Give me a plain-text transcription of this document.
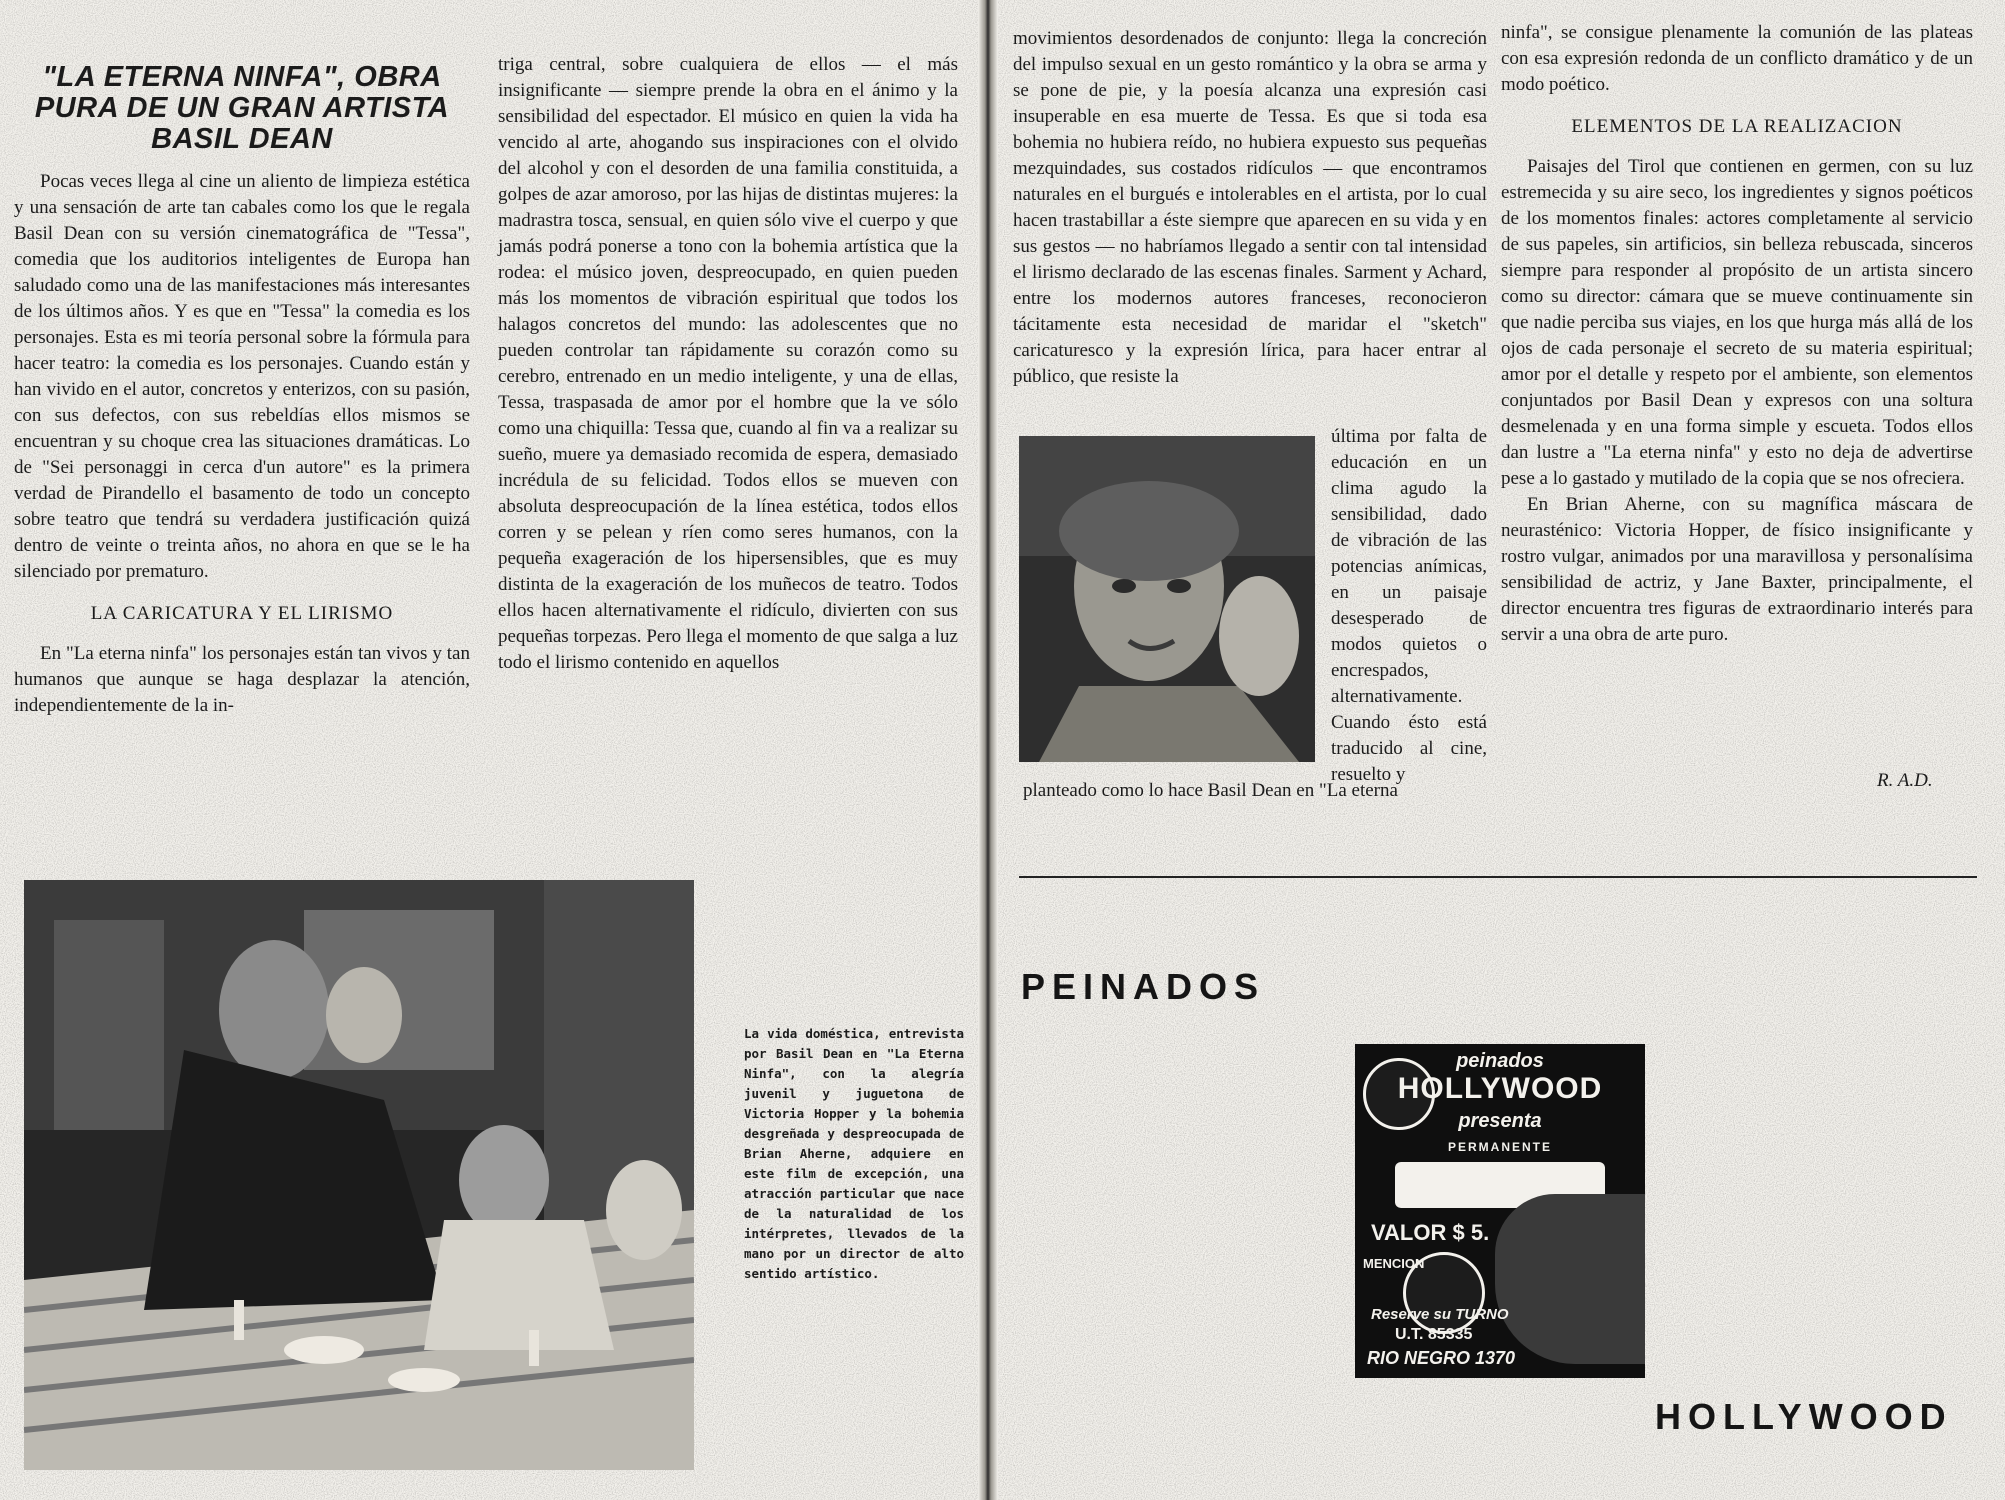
"LA ETERNA NINFA", OBRA
PURA DE UN GRAN ARTISTA
BASIL DEAN

Pocas veces llega al cine un aliento de limpieza estética y una sensación de arte tan cabales como los que le regala Basil Dean con su versión cinematográfica de "Tessa", comedia que los auditorios inteligentes de Europa han saludado como una de las manifestaciones más interesantes de los últimos años. Y es que en "Tessa" la comedia es los personajes. Esta es mi teoría personal sobre la fórmula para hacer teatro: la comedia es los personajes. Cuando están y han vivido en el autor, concretos y enterizos, con su pasión, con sus defectos, con sus rebeldías ellos mismos se encuentran y su choque crea las situaciones dramáticas. Lo de "Sei personaggi in cerca d'un autore" es la primera verdad de Pirandello el basamento de todo un concepto sobre teatro que tendrá su verdadera justificación quizá dentro de veinte o treinta años, no ahora en que se le ha silenciado por prematuro.

LA CARICATURA Y EL LIRISMO

En "La eterna ninfa" los personajes están tan vivos y tan humanos que aunque se haga desplazar la atención, independientemente de la in-

triga central, sobre cualquiera de ellos — el más insignificante — siempre prende la obra en el ánimo y la sensibilidad del espectador. El músico en quien la vida ha vencido al arte, ahogando sus inspiraciones con el olvido del alcohol y con el desorden de una familia constituida, a golpes de azar amoroso, por las hijas de distintas mujeres: la madrastra tosca, sensual, en quien sólo vive el cuerpo y que jamás podrá ponerse a tono con la bohemia artística que la rodea: el músico joven, despreocupado, en quien pueden más los momentos de vibración espiritual que todos los halagos concretos del mundo: las adolescentes que no pueden controlar tan rápidamente su corazón como su cerebro, entrenado en un medio inteligente, y una de ellas, Tessa, traspasada de amor por el hombre que la ve sólo como una chiquilla: Tessa que, cuando al fin va a realizar su sueño, muere ya demasiado recomida de espera, demasiado incrédula de su felicidad. Todos ellos se mueven con absoluta despreocupación de la línea estética, todos ellos corren y se pelean y ríen como seres humanos, con la pequeña exageración de los hipersensibles, que es muy distinta de la exageración de los muñecos de teatro. Todos ellos hacen alternativamente el ridículo, divierten con sus pequeñas torpezas. Pero llega el momento de que salga a luz todo el lirismo contenido en aquellos

La vida doméstica, entrevista por Basil Dean en "La Eterna Ninfa", con la alegría juvenil y juguetona de Victoria Hopper y la bohemia desgreñada y despreocupada de Brian Aherne, adquiere en este film de excepción, una atracción particular que nace de la naturalidad de los intérpretes, llevados de la mano por un director de alto sentido artístico.

movimientos desordenados de conjunto: llega la concreción del impulso sexual en un gesto romántico y la obra se arma y se pone de pie, y la poesía alcanza una expresión casi insuperable en esa muerte de Tessa. Es que si toda esa bohemia no hubiera reído, no hubiera expuesto sus pequeñas mezquindades, sus costados ridículos — que encontramos naturales en el burgués e intolerables en el artista, por lo cual hacen trastabillar a éste siempre que aparecen en su vida y en sus gestos — no habríamos llegado a sentir con tal intensidad el lirismo declarado de las escenas finales. Sarment y Achard, entre los modernos autores franceses, reconocieron tácitamente esta necesidad de maridar el "sketch" caricaturesco y la expresión lírica, para hacer entrar al público, que resiste la

última por falta de educación en un clima agudo la sensibilidad, dado de vibración de las potencias anímicas, en un paisaje desesperado de modos quietos o encrespados, alternativamente. Cuando ésto está traducido al cine, resuelto y

planteado como lo hace Basil Dean en "La eterna

ninfa", se consigue plenamente la comunión de las plateas con esa expresión redonda de un conflicto dramático y de un modo poético.

ELEMENTOS DE LA REALIZACION

Paisajes del Tirol que contienen en germen, con su luz estremecida y su aire seco, los ingredientes y signos poéticos de los momentos finales: actores completamente al servicio de sus papeles, sin artificios, sin belleza rebuscada, sinceros siempre para responder al propósito de un artista sincero como su director: cámara que se mueve continuamente sin que nadie perciba sus viajes, en los que hurga más allá de los ojos de cada personaje el secreto de su materia espiritual; amor por el detalle y respeto por el ambiente, son elementos conjuntados por Basil Dean y expresos con una soltura desmelenada y en una forma simple y escueta. Todos ellos dan lustre a "La eterna ninfa" y esto no deja de advertirse pese a lo gastado y mutilado de la copia que se nos ofreciera.

En Brian Aherne, con su magnífica máscara de neurasténico: Victoria Hopper, de físico insignificante y rostro vulgar, animados por una maravillosa y personalísima sensibilidad de actriz, y Jane Baxter, principalmente, el director encuentra tres figuras de extraordinario interés para servir a una obra de arte puro.

R. A.D.
PEINADOS
peinados
HOLLYWOOD
presenta
PERMANENTE
VALOR $ 5.
MENCION
Reserve su TURNO
U.T. 85335
RIO NEGRO 1370
HOLLYWOOD
